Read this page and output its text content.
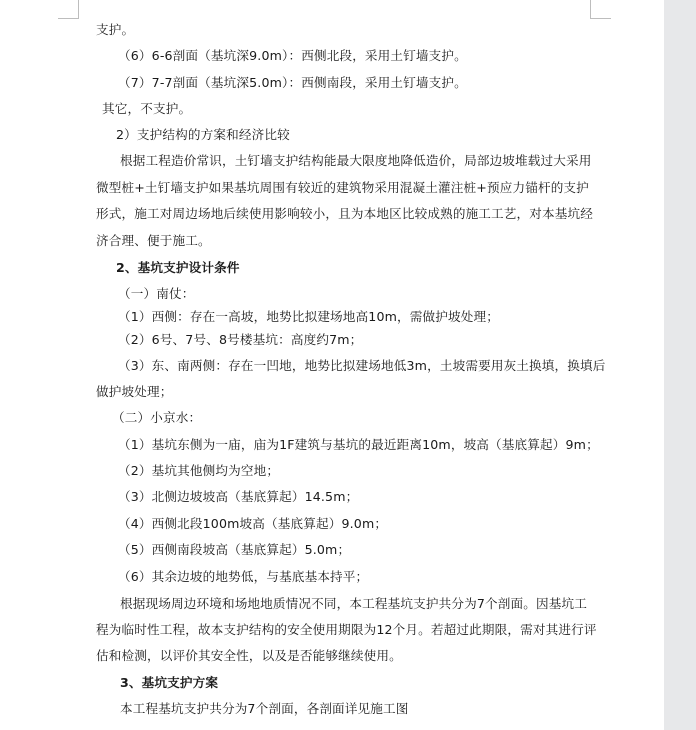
支护。
（6）6-6剖面（基坑深9.0m）：西侧北段，采用土钉墙支护。
（7）7-7剖面（基坑深5.0m）：西侧南段，采用土钉墙支护。
其它，不支护。
2）支护结构的方案和经济比较
根据工程造价常识，土钉墙支护结构能最大限度地降低造价，局部边坡堆载过大采用
微型桩+土钉墙支护如果基坑周围有较近的建筑物采用混凝土灌注桩+预应力锚杆的支护
形式，施工对周边场地后续使用影响较小，且为本地区比较成熟的施工工艺，对本基坑经
济合理、便于施工。
2、基坑支护设计条件
（一）南仗：
（1）西侧：存在一高坡，地势比拟建场地高10m，需做护坡处理；
（2）6号、7号、8号楼基坑：高度约7m；
（3）东、南两侧：存在一凹地，地势比拟建场地低3m，土坡需要用灰土换填，换填后
做护坡处理；
（二）小京水：
（1）基坑东侧为一庙，庙为1F建筑与基坑的最近距离10m，坡高（基底算起）9m；
（2）基坑其他侧均为空地；
（3）北侧边坡坡高（基底算起）14.5m；
（4）西侧北段100m坡高（基底算起）9.0m；
（5）西侧南段坡高（基底算起）5.0m；
（6）其余边坡的地势低，与基底基本持平；
根据现场周边环境和场地地质情况不同，本工程基坑支护共分为7个剖面。因基坑工
程为临时性工程，故本支护结构的安全使用期限为12个月。若超过此期限，需对其进行评
估和检测，以评价其安全性，以及是否能够继续使用。
3、基坑支护方案
本工程基坑支护共分为7个剖面，各剖面详见施工图
